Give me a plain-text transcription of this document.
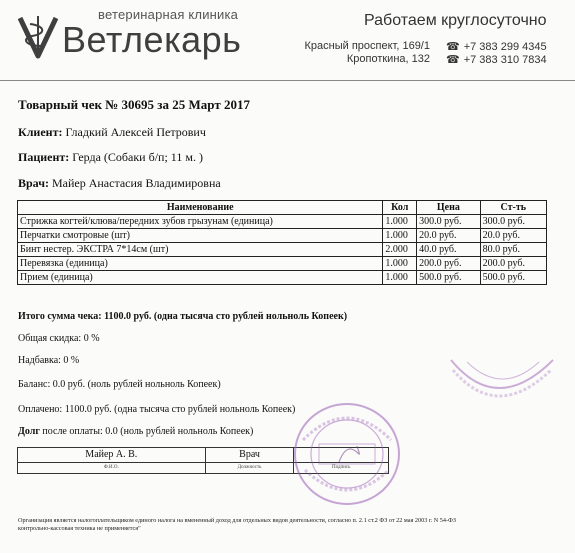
ветеринарная клиника
Ветлекарь	Работаем круглосуточно
Красный проспект, 169/1 ☎ +7 383 299 4345
Кропоткина, 132 ☎ +7 383 310 7834
Товарный чек № 30695 за 25 Март 2017
Клиент: Гладкий Алексей Петрович
Пациент: Герда (Собаки б/п; 11 м. )
Врач: Майер Анастасия Владимировна
Наименование	Кол	Цена	Ст-ть
Стрижка когтей/клюва/передних зубов грызунам (единица)	1.000	300.0 руб.	300.0 руб.
Перчатки смотровые (шт)	1.000	20.0 руб.	20.0 руб.
Бинт нестер. ЭКСТРА 7*14см (шт)	2.000	40.0 руб.	80.0 руб.
Перевязка (единица)	1.000	200.0 руб.	200.0 руб.
Прием (единица)	1.000	500.0 руб.	500.0 руб.
Итого сумма чека: 1100.0 руб. (одна тысяча сто рублей нольноль Копеек)
Общая скидка: 0 %
Надбавка: 0 %
Баланс: 0.0 руб. (ноль рублей нольноль Копеек)
Оплачено: 1100.0 руб. (одна тысяча сто рублей нольноль Копеек)
Долг после оплаты: 0.0 (ноль рублей нольноль Копеек)
Майер А. В.	Врач	
Ф.И.О.	Должность	Подпись
Организация является налогоплательщиком единого налога на вмененный доход для отдельных видов деятельности, согласно п. 2.1 ст.2 ФЗ от 22 мая 2003 г. N 54-ФЗ
контрольно-кассовая техника не применяется"
